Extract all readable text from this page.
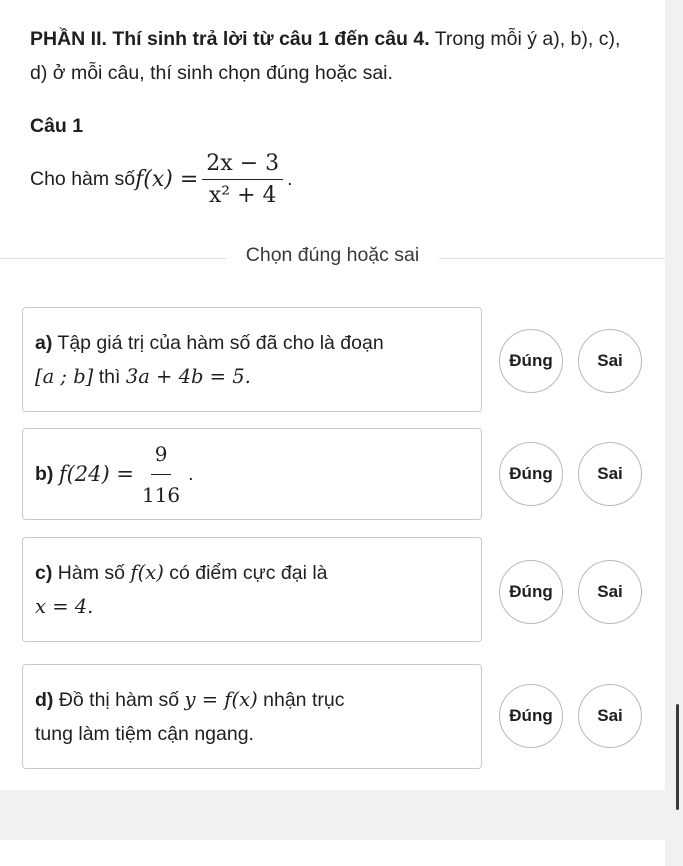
PHẦN II. Thí sinh trả lời từ câu 1 đến câu 4. Trong mỗi ý a), b), c), d) ở mỗi câu, thí sinh chọn đúng hoặc sai.
Câu 1
Cho hàm số $f(x) = \frac{2x - 3}{\text{x² + 4}}$ .
Chọn đúng hoặc sai
a) Tập giá trị của hàm số đã cho là đoạn
[a ; b] thì 3a + 4b = 5.
Đúng	Sai
b)
$f(24) = \frac{9}{116}$ .	Đúng	Sai
c) Hàm số f(x) có điểm cực đại là
x = 4.
Đúng	Sai
d) Đồ thị hàm số y = f(x) nhận trục
tung làm tiệm cận ngang.
Đúng	Sai
